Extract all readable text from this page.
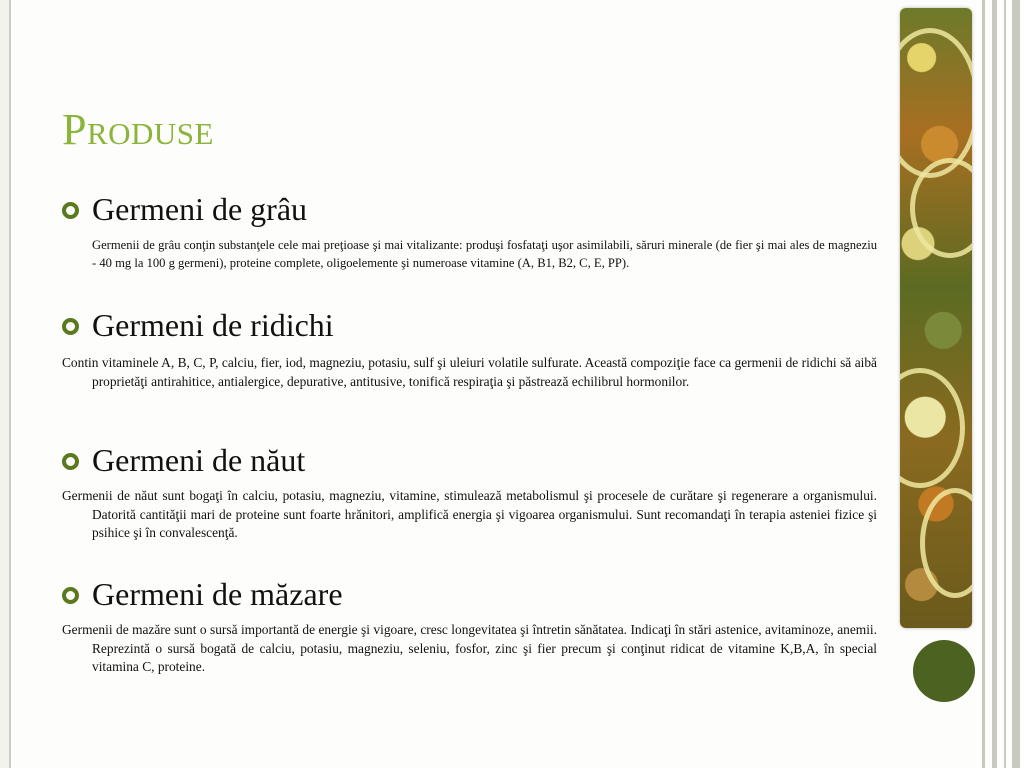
Produse
Germeni de grâu
Germenii de grâu conţin substanţele cele mai preţioase şi mai vitalizante: produşi fosfataţi uşor asimilabili, săruri minerale (de fier şi mai ales de magneziu - 40 mg la 100 g germeni), proteine complete, oligoelemente şi numeroase vitamine (A, B1, B2, C, E, PP).
Germeni de ridichi
Contin vitaminele A, B, C, P, calciu, fier, iod, magneziu, potasiu, sulf şi uleiuri volatile sulfurate. Această compoziţie face ca germenii de ridichi să aibă proprietăţi antirahitice, antialergice, depurative, antitusive, tonifică respiraţia şi păstrează echilibrul hormonilor.
Germeni de năut
Germenii de năut sunt bogaţi în calciu, potasiu, magneziu, vitamine, stimulează metabolismul şi procesele de curătare şi regenerare a organismului. Datorită cantităţii mari de proteine sunt foarte hrănitori, amplifică energia şi vigoarea organismului. Sunt recomandaţi în terapia asteniei fizice şi psihice şi în convalescenţă.
Germeni de măzare
Germenii de mazăre sunt o sursă importantă de energie şi vigoare, cresc longevitatea şi întretin sănătatea. Indicaţi în stări astenice, avitaminoze, anemii. Reprezintă o sursă bogată de calciu, potasiu, magneziu, seleniu, fosfor, zinc şi fier precum şi conţinut ridicat de vitamine K,B,A, în special vitamina C, proteine.
